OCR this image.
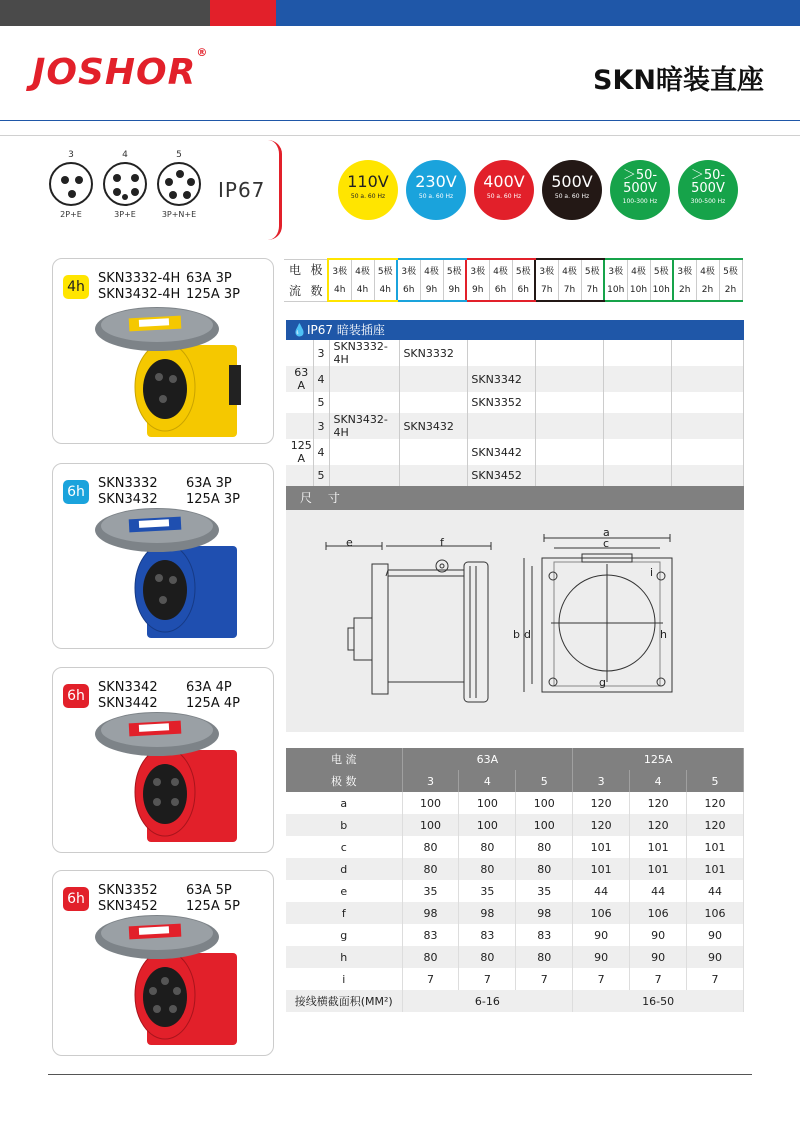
JOSHOR®
SKN暗装直座
3
2P+E
4
3P+E
5
3P+N+E
IP67	110V
50 a. 60 Hz
230V
50 a. 60 Hz
400V
50 a. 60 Hz
500V
50 a. 60 Hz
＞50-500V
100-300 Hz
＞50-500V
300-500 Hz
4h
SKN3332-4H 63A 3P
SKN3432-4H 125A 3P
6h
SKN3332 63A 3P
SKN3432 125A 3P
6h
SKN3342 63A 4P
SKN3442 125A 4P
6h
SKN3352 63A 5P
SKN3452 125A 5P
电	极	3极	4极	5极	3极	4极	5极	3极	4极	5极	3极	4极	5极	3极	4极	5极	3极	4极	5极
流	数	4h	4h	4h	6h	9h	9h	9h	6h	6h	7h	7h	7h	10h	10h	10h	2h	2h	2h
💧IP67 暗装插座
	3	SKN3332-4H	SKN3332				
63 A	4			SKN3342			
	5			SKN3352			
	3	SKN3432-4H	SKN3432				
125 A	4			SKN3442			
	5			SKN3452			
尺 寸
e	f
a
c
b d	h
g
i
电 流	63A			125A		
极 数	3	4	5	3	4	5
a	100	100	100	120	120	120
b	100	100	100	120	120	120
c	80	80	80	101	101	101
d	80	80	80	101	101	101
e	35	35	35	44	44	44
f	98	98	98	106	106	106
g	83	83	83	90	90	90
h	80	80	80	90	90	90
i	7	7	7	7	7	7
接线横截面积(MM²)	6-16			16-50		
